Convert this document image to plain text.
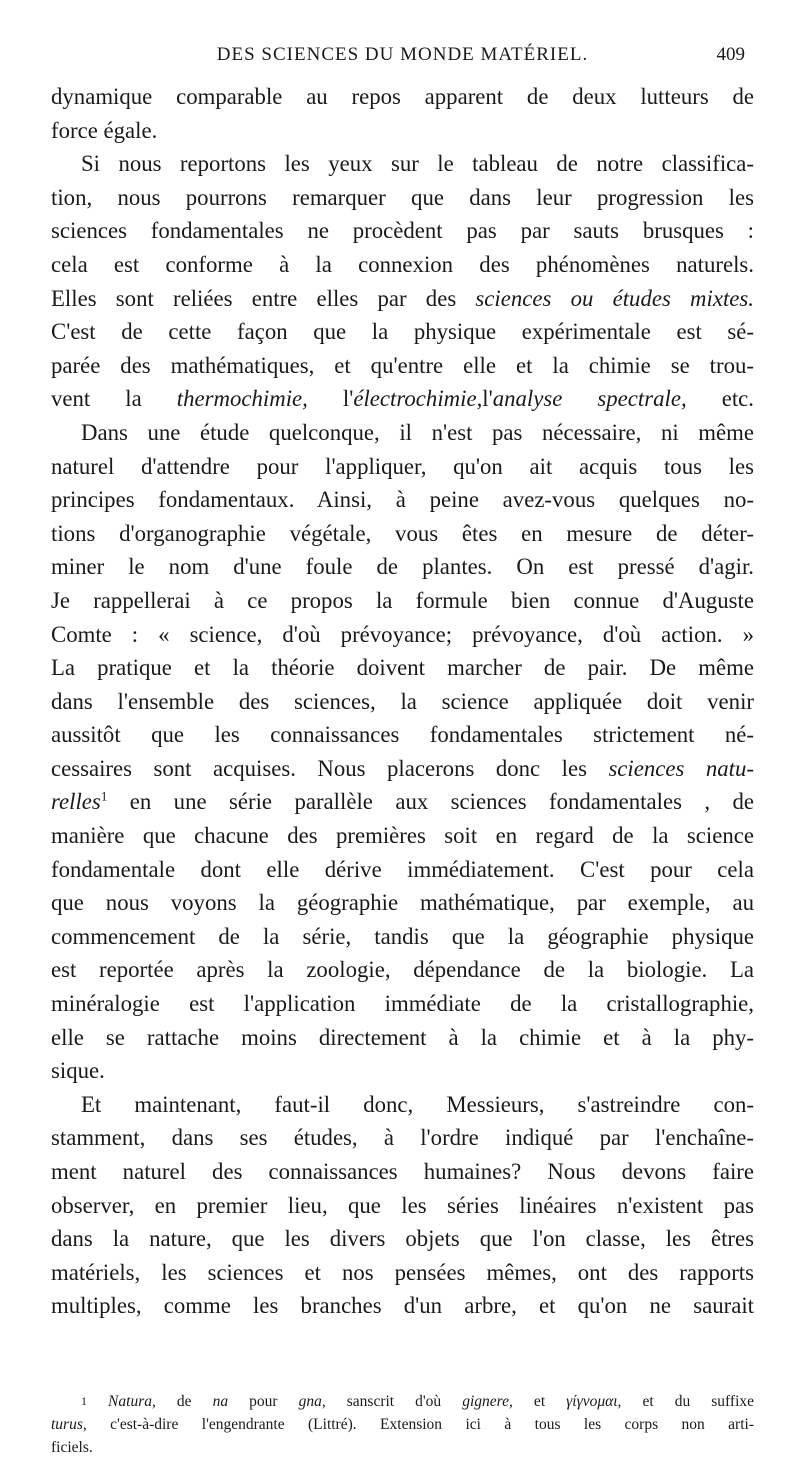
DES SCIENCES DU MONDE MATÉRIEL.	409
dynamique comparable au repos apparent de deux lutteurs de
force égale.
Si nous reportons les yeux sur le tableau de notre classifica-
tion, nous pourrons remarquer que dans leur progression les
sciences fondamentales ne procèdent pas par sauts brusques :
cela est conforme à la connexion des phénomènes naturels.
Elles sont reliées entre elles par des sciences ou études mixtes.
C'est de cette façon que la physique expérimentale est sé-
parée des mathématiques, et qu'entre elle et la chimie se trou-
vent la thermochimie, l'électrochimie,l'analyse spectrale, etc.
Dans une étude quelconque, il n'est pas nécessaire, ni même
naturel d'attendre pour l'appliquer, qu'on ait acquis tous les
principes fondamentaux. Ainsi, à peine avez-vous quelques no-
tions d'organographie végétale, vous êtes en mesure de déter-
miner le nom d'une foule de plantes. On est pressé d'agir.
Je rappellerai à ce propos la formule bien connue d'Auguste
Comte : « science, d'où prévoyance; prévoyance, d'où action. »
La pratique et la théorie doivent marcher de pair. De même
dans l'ensemble des sciences, la science appliquée doit venir
aussitôt que les connaissances fondamentales strictement né-
cessaires sont acquises. Nous placerons donc les sciences natu-
relles$^1$ en une série parallèle aux sciences fondamentales , de
manière que chacune des premières soit en regard de la science
fondamentale dont elle dérive immédiatement. C'est pour cela
que nous voyons la géographie mathématique, par exemple, au
commencement de la série, tandis que la géographie physique
est reportée après la zoologie, dépendance de la biologie. La
minéralogie est l'application immédiate de la cristallographie,
elle se rattache moins directement à la chimie et à la phy-
sique.
Et maintenant, faut-il donc, Messieurs, s'astreindre con-
stamment, dans ses études, à l'ordre indiqué par l'enchaîne-
ment naturel des connaissances humaines? Nous devons faire
observer, en premier lieu, que les séries linéaires n'existent pas
dans la nature, que les divers objets que l'on classe, les êtres
matériels, les sciences et nos pensées mêmes, ont des rapports
multiples, comme les branches d'un arbre, et qu'on ne saurait
$^1$ Natura, de na pour gna, sanscrit d'où gignere, et γίγνομαι, et du suffixe
turus, c'est-à-dire l'engendrante (Littré). Extension ici à tous les corps non arti-
ficiels.
